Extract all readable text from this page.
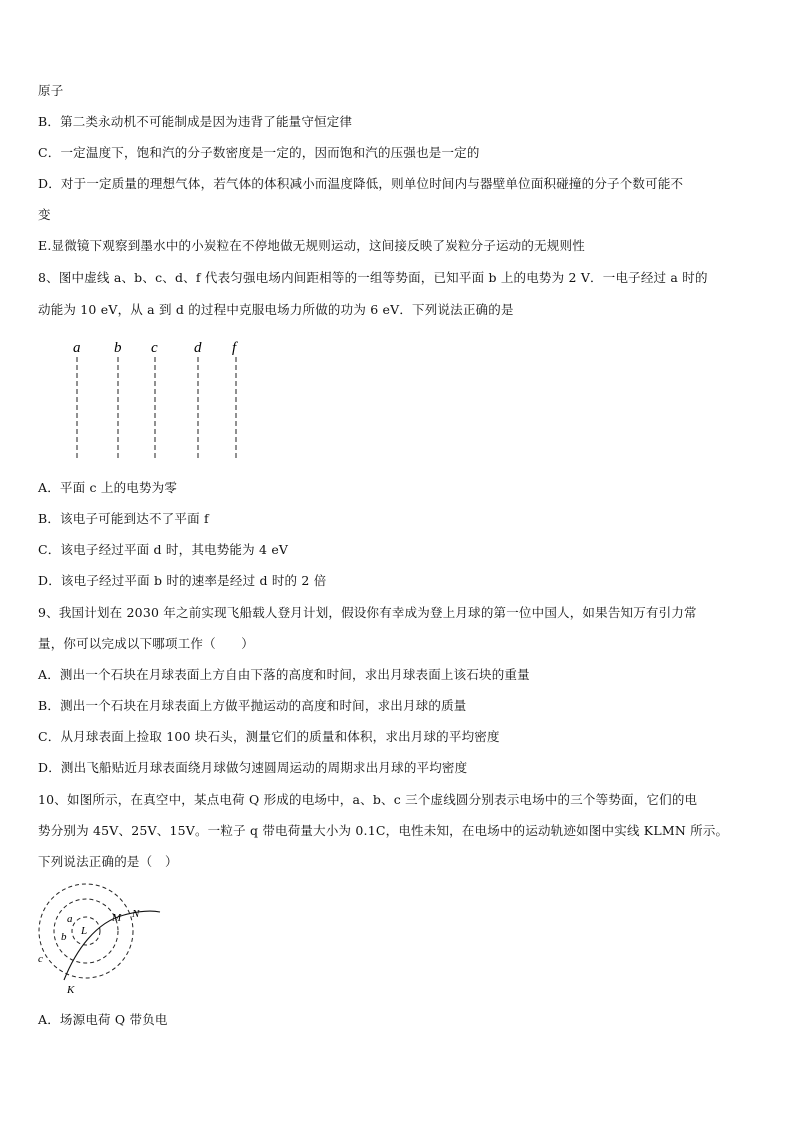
原子
B．第二类永动机不可能制成是因为违背了能量守恒定律
C．一定温度下，饱和汽的分子数密度是一定的，因而饱和汽的压强也是一定的
D．对于一定质量的理想气体，若气体的体积减小而温度降低，则单位时间内与器壁单位面积碰撞的分子个数可能不
变
E.显微镜下观察到墨水中的小炭粒在不停地做无规则运动，这间接反映了炭粒分子运动的无规则性
8、图中虚线 a、b、c、d、f 代表匀强电场内间距相等的一组等势面，已知平面 b 上的电势为 2 V．一电子经过 a 时的
动能为 10 eV，从 a 到 d 的过程中克服电场力所做的功为 6 eV．下列说法正确的是
a b c d f
A．平面 c 上的电势为零
B．该电子可能到达不了平面 f
C．该电子经过平面 d 时，其电势能为 4 eV
D．该电子经过平面 b 时的速率是经过 d 时的 2 倍
9、我国计划在 2030 年之前实现飞船载人登月计划，假设你有幸成为登上月球的第一位中国人，如果告知万有引力常
量，你可以完成以下哪项工作（　　）
A．测出一个石块在月球表面上方自由下落的高度和时间，求出月球表面上该石块的重量
B．测出一个石块在月球表面上方做平抛运动的高度和时间，求出月球的质量
C．从月球表面上捡取 100 块石头，测量它们的质量和体积，求出月球的平均密度
D．测出飞船贴近月球表面绕月球做匀速圆周运动的周期求出月球的平均密度
10、如图所示，在真空中，某点电荷 Q 形成的电场中，a、b、c 三个虚线圆分别表示电场中的三个等势面，它们的电
势分别为 45V、25V、15V。一粒子 q 带电荷量大小为 0.1C，电性未知，在电场中的运动轨迹如图中实线 KLMN 所示。
下列说法正确的是（　）
a
b
c
L
M N
K
A．场源电荷 Q 带负电
